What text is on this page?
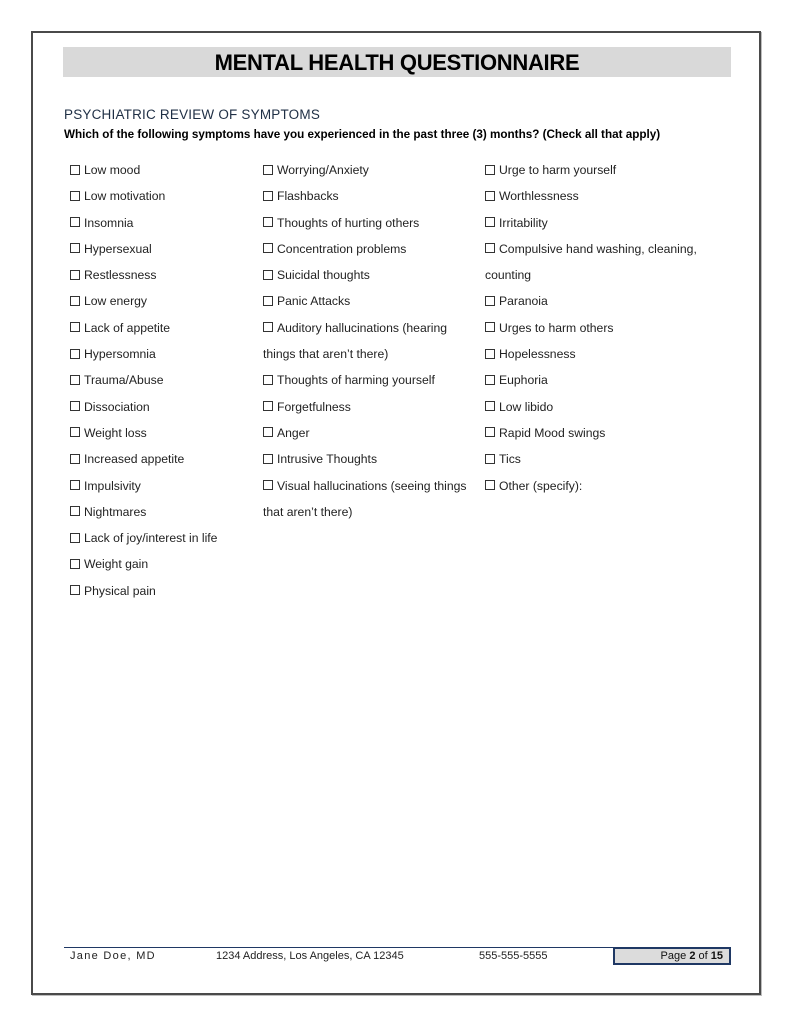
MENTAL HEALTH QUESTIONNAIRE
PSYCHIATRIC REVIEW OF SYMPTOMS
Which of the following symptoms have you experienced in the past three (3) months? (Check all that apply)
Low mood
Low motivation
Insomnia
Hypersexual
Restlessness
Low energy
Lack of appetite
Hypersomnia
Trauma/Abuse
Dissociation
Weight loss
Increased appetite
Impulsivity
Nightmares
Lack of joy/interest in life
Weight gain
Physical pain
Worrying/Anxiety
Flashbacks
Thoughts of hurting others
Concentration problems
Suicidal thoughts
Panic Attacks
Auditory hallucinations (hearing
things that aren’t there)
Thoughts of harming yourself
Forgetfulness
Anger
Intrusive Thoughts
Visual hallucinations (seeing things
that aren’t there)
Urge to harm yourself
Worthlessness
Irritability
Compulsive hand washing, cleaning,
counting
Paranoia
Urges to harm others
Hopelessness
Euphoria
Low libido
Rapid Mood swings
Tics
Other (specify):
Jane Doe, MD	1234 Address, Los Angeles, CA 12345	555-555-5555	Page 2 of 15
